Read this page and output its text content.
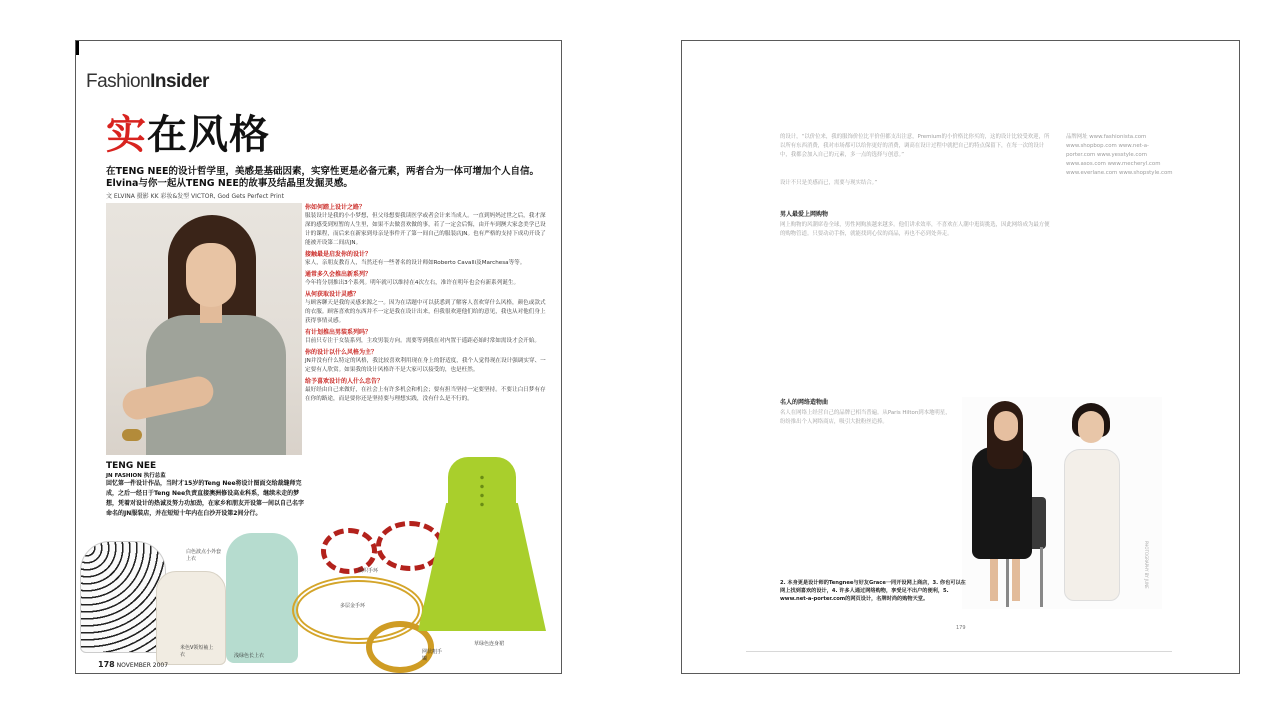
FashionInsider
实在风格
在TENG NEE的设计哲学里，美感是基础因素，实穿性更是必备元素，两者合为一体可增加个人自信。Elvina与你一起从TENG NEE的故事及结晶里发掘灵感。
文 ELVINA 摄影 KK 彩妆&发型 VICTOR, God Gets Perfect Print
TENG NEE
JN FASHION 执行总监
回忆第一件设计作品，当时才15岁的Teng Nee将设计图面交给裁缝师完成，之后一经日于Teng Nee负责直接澳洲修设高业科系，继续未走的梦想，凭着对设计的热诚及努力功加劲，在家乡和朋友开设第一间以自己名字命名的JN服装店，并在短短十年内在白沙开设第2间分行。
你如何踏上设计之路？
服装设计是我的小小梦想，但父母想要我读医学或者会计来当成人。一直到妈妈过世之后，我才深深的感受到短暂的人生里，如果不去做喜欢做的事，若了一定会后悔，由开车到澳大家念美学已设计的课程，而后来在新家到母亲是事件开了第一间自己的服装店JN。也有严格的支持下成功开设了能被开设第二间店JN。
接触最是启发你的设计？
家人，亲朋友教育人，当然还有一些著名的设计师如Roberto Cavalli及Marchesa等等。
通常多久会推出新系列？
今年将分别推出3个系列。明年就可以维持在4次左右，准许在明年也会有新系列诞生。
从何获取设计灵感？
与顾客聊天是我的灵感来源之一。因为在话题中可以获悉到了解客人喜欢穿什么风格，颜色或款式的衣服。顾客喜欢的东西并不一定是我在设计出来，但我很欢迎他们给的意见，我也从对他们身上获得事情灵感。
有计划推出男装系列吗？
目前只专注于女装系列，主攻男装方向。需要等到我在对内置于遥距必始时常如需设才会开始。
你的设计以什么风格为主？
JN并没有什么特定的风格，我比较喜欢利用现在身上的舒适度，我个人觉得现在设计强调实穿、一定要有人欣赏。如果我的设计风格许不是大家可以接受的，也是枉然。
给予喜欢设计的人什么忠告？
最好经由自己来做好，在社会上有许多机会和机会；要有担当坚持一定要坚持。不要让白日梦有存在你的路途，而是要你还是坚持要与理想实践，没有什么是不行的。
白色波点小外套上衣
米色V领短袖上衣	浅绿色长上衣
编织手环
多层金手环
网状粗手镯
草绿色连身裙
178 NOVEMBER 2007
的设计，“以价位来，我的服饰价位比平价但都支出注意，Premium的小价格比你买的，这的设计比较受欢迎，所以所有东西消费，我对市场都可以给你更好的消费，调高在设计过程中就把自己的特点保留下，在每一次的设计中，我都会加入自己的元素，多一点的选择与创意。”
设计不只是美感而已，需要与现实结合。”
男人最爱上网购物
网上购物的风潮席卷全球，男性网购族越来越多。他们讲求效率，不喜欢在人潮中逛街挑选，因此网络成为最方便的购物管道。只要动动手指，就能找到心仪的商品，再也不必到处奔走。
名人的网络造物曲
名人在网络上经营自己的品牌已相当普遍。从Paris Hilton到本地明星，纷纷推出个人网络商店，吸引大批粉丝追捧。
品牌网址 www.fashionista.com www.shopbop.com www.net-a-porter.com www.yesstyle.com www.asos.com www.mecheryl.com www.everlane.com www.shopstyle.com
2. 本身更是设计师的Tengnee与好友Grace一同开设网上商店，3. 你也可以在网上找到喜欢的设计，4. 许多人通过网络购物，享受足不出户的便利，5. www.net-a-porter.com的网页设计，名牌时尚的购物天堂。
PHOTOGRAPHY BY JUNE
179
